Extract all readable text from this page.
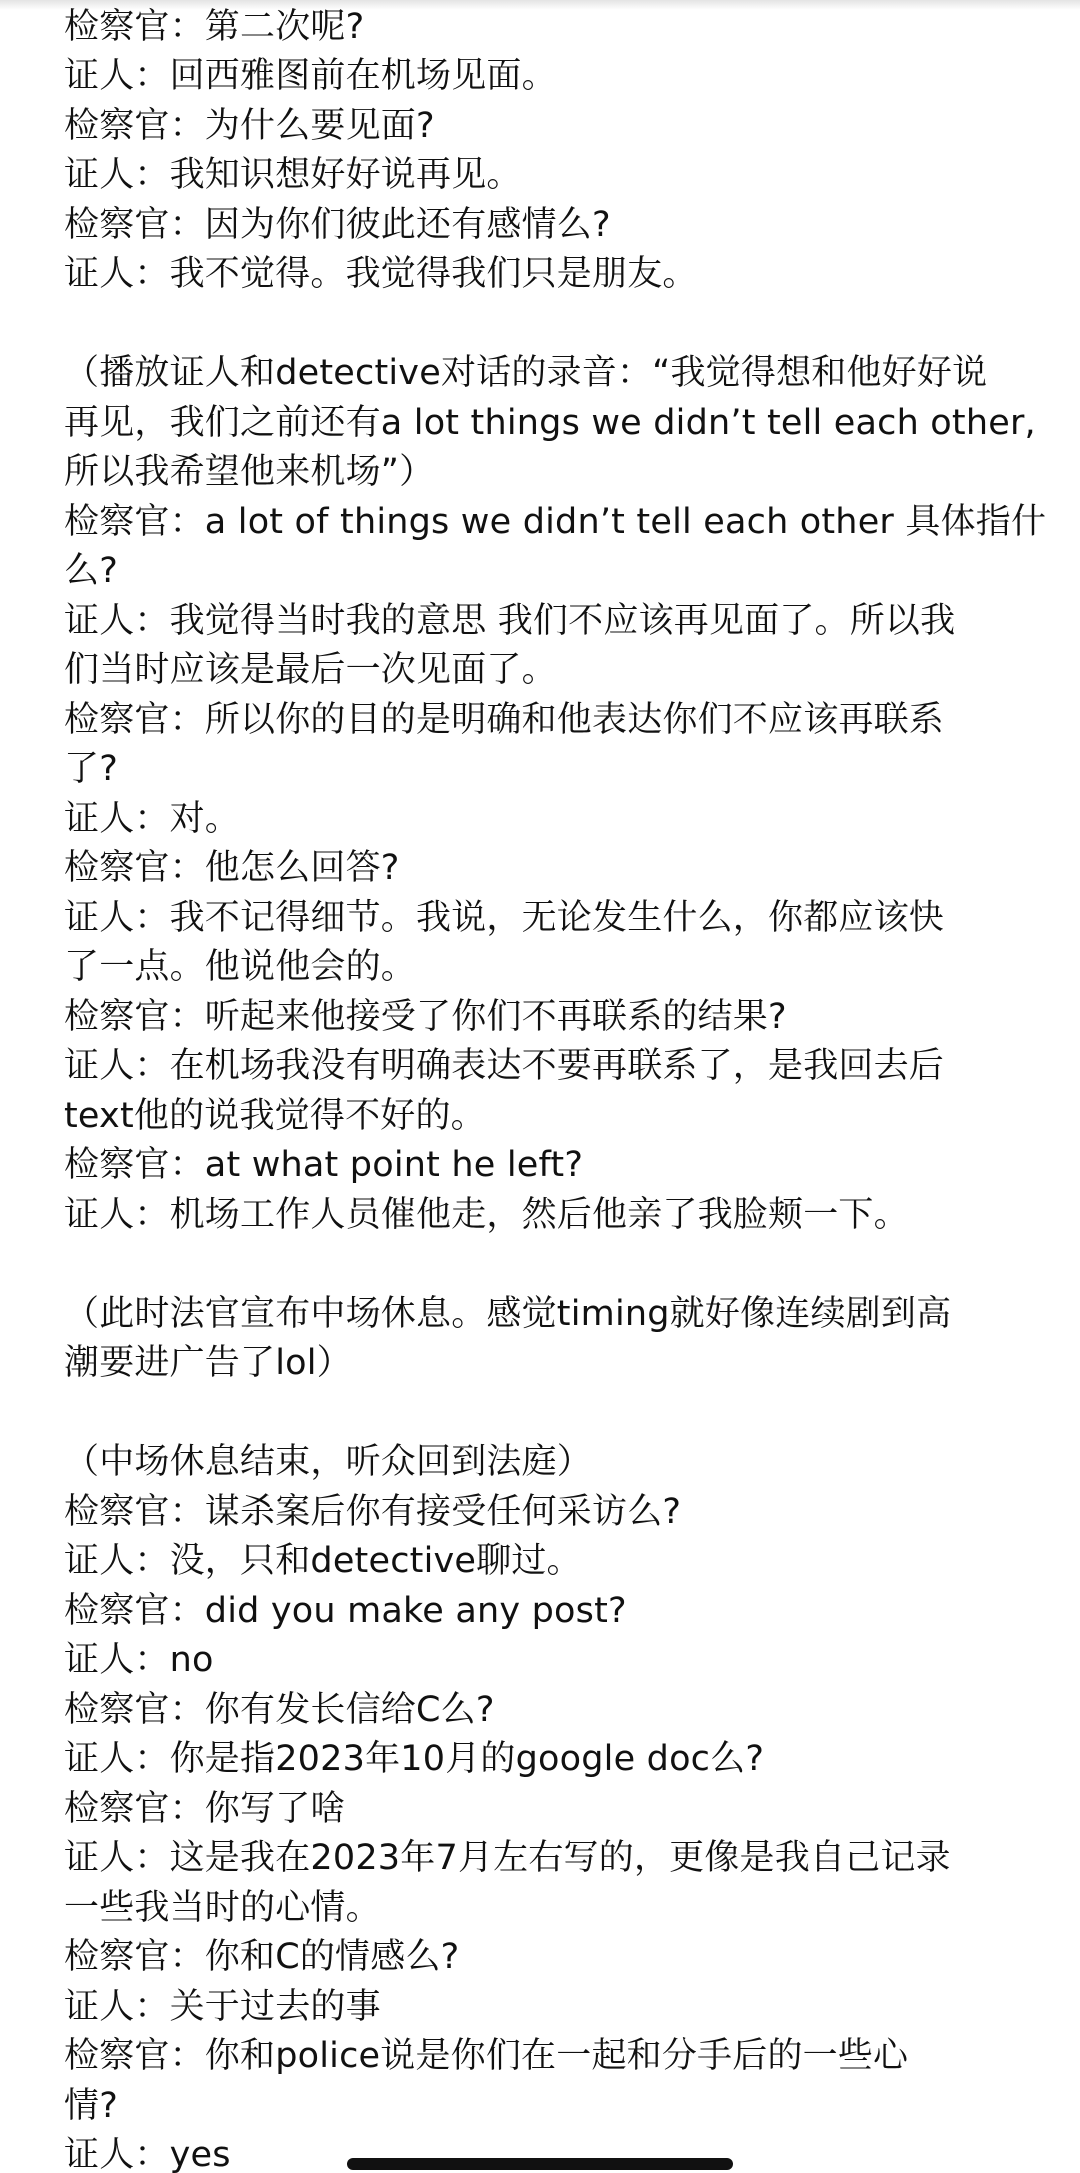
检察官：第二次呢?
证人：回西雅图前在机场见面。
检察官：为什么要见面?
证人：我知识想好好说再见。
检察官：因为你们彼此还有感情么?
证人：我不觉得。我觉得我们只是朋友。
（播放证人和detective对话的录音：“我觉得想和他好好说
再见，我们之前还有a lot things we didn’t tell each other,
所以我希望他来机场”）
检察官：a lot of things we didn’t tell each other 具体指什
么?
证人：我觉得当时我的意思 我们不应该再见面了。所以我
们当时应该是最后一次见面了。
检察官：所以你的目的是明确和他表达你们不应该再联系
了?
证人：对。
检察官：他怎么回答?
证人：我不记得细节。我说，无论发生什么，你都应该快
了一点。他说他会的。
检察官：听起来他接受了你们不再联系的结果?
证人：在机场我没有明确表达不要再联系了，是我回去后
text他的说我觉得不好的。
检察官：at what point he left?
证人：机场工作人员催他走，然后他亲了我脸颊一下。
（此时法官宣布中场休息。感觉timing就好像连续剧到高
潮要进广告了lol）
（中场休息结束，听众回到法庭）
检察官：谋杀案后你有接受任何采访么?
证人：没，只和detective聊过。
检察官：did you make any post?
证人：no
检察官：你有发长信给C么?
证人：你是指2023年10月的google doc么?
检察官：你写了啥
证人：这是我在2023年7月左右写的，更像是我自己记录
一些我当时的心情。
检察官：你和C的情感么?
证人：关于过去的事
检察官：你和police说是你们在一起和分手后的一些心
情?
证人：yes
